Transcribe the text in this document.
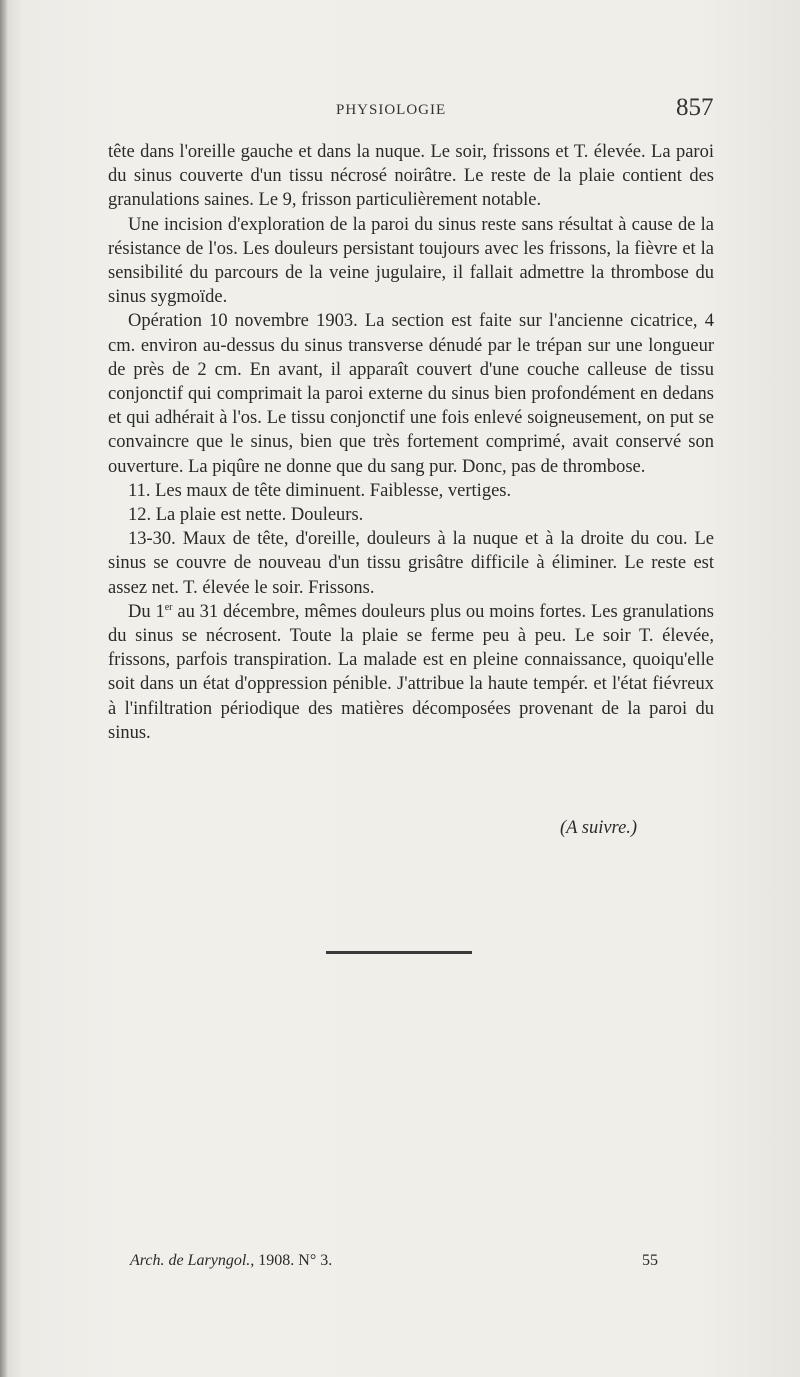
PHYSIOLOGIE	857

tête dans l'oreille gauche et dans la nuque. Le soir, frissons et T. élevée. La paroi du sinus couverte d'un tissu nécrosé noirâtre. Le reste de la plaie contient des granulations saines. Le 9, frisson particulièrement notable.

Une incision d'exploration de la paroi du sinus reste sans résultat à cause de la résistance de l'os. Les douleurs persistant toujours avec les frissons, la fièvre et la sensibilité du parcours de la veine jugulaire, il fallait admettre la thrombose du sinus sygmoïde.

Opération 10 novembre 1903. La section est faite sur l'ancienne cicatrice, 4 cm. environ au-dessus du sinus transverse dénudé par le trépan sur une longueur de près de 2 cm. En avant, il apparaît couvert d'une couche calleuse de tissu conjonctif qui comprimait la paroi externe du sinus bien profondément en dedans et qui adhérait à l'os. Le tissu conjonctif une fois enlevé soigneusement, on put se convaincre que le sinus, bien que très fortement comprimé, avait conservé son ouverture. La piqûre ne donne que du sang pur. Donc, pas de thrombose.

11. Les maux de tête diminuent. Faiblesse, vertiges.

12. La plaie est nette. Douleurs.

13-30. Maux de tête, d'oreille, douleurs à la nuque et à la droite du cou. Le sinus se couvre de nouveau d'un tissu grisâtre difficile à éliminer. Le reste est assez net. T. élevée le soir. Frissons.

Du 1er au 31 décembre, mêmes douleurs plus ou moins fortes. Les granulations du sinus se nécrosent. Toute la plaie se ferme peu à peu. Le soir T. élevée, frissons, parfois transpiration. La malade est en pleine connaissance, quoiqu'elle soit dans un état d'oppression pénible. J'attribue la haute tempér. et l'état fiévreux à l'infiltration périodique des matières décomposées provenant de la paroi du sinus.

(A suivre.)
Arch. de Laryngol., 1908. N° 3.	55
